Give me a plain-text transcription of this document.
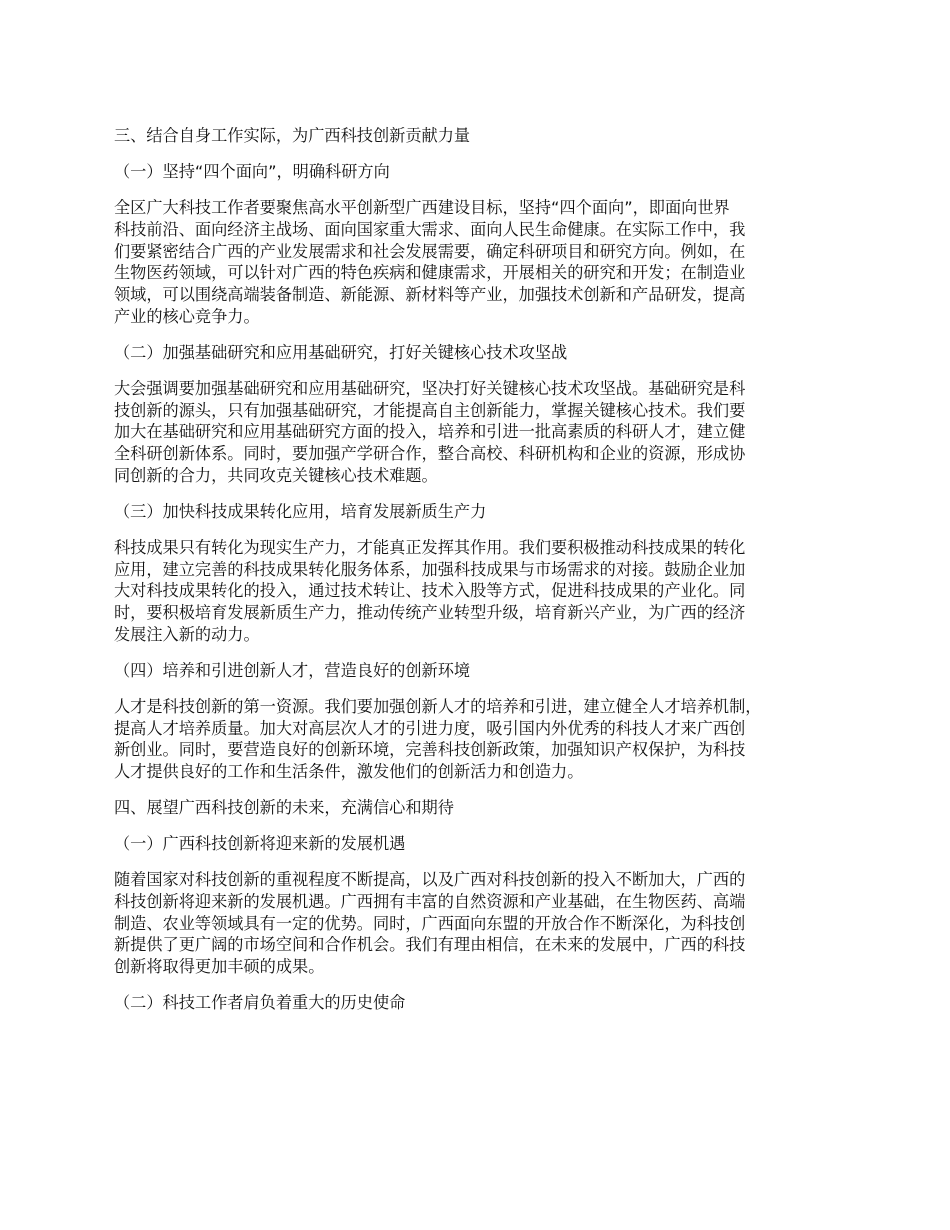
三、结合自身工作实际，为广西科技创新贡献力量
（一）坚持“四个面向”，明确科研方向
全区广大科技工作者要聚焦高水平创新型广西建设目标，坚持“四个面向”，即面向世界
科技前沿、面向经济主战场、面向国家重大需求、面向人民生命健康。在实际工作中，我
们要紧密结合广西的产业发展需求和社会发展需要，确定科研项目和研究方向。例如，在
生物医药领域，可以针对广西的特色疾病和健康需求，开展相关的研究和开发；在制造业
领域，可以围绕高端装备制造、新能源、新材料等产业，加强技术创新和产品研发，提高
产业的核心竞争力。
（二）加强基础研究和应用基础研究，打好关键核心技术攻坚战
大会强调要加强基础研究和应用基础研究，坚决打好关键核心技术攻坚战。基础研究是科
技创新的源头，只有加强基础研究，才能提高自主创新能力，掌握关键核心技术。我们要
加大在基础研究和应用基础研究方面的投入，培养和引进一批高素质的科研人才，建立健
全科研创新体系。同时，要加强产学研合作，整合高校、科研机构和企业的资源，形成协
同创新的合力，共同攻克关键核心技术难题。
（三）加快科技成果转化应用，培育发展新质生产力
科技成果只有转化为现实生产力，才能真正发挥其作用。我们要积极推动科技成果的转化
应用，建立完善的科技成果转化服务体系，加强科技成果与市场需求的对接。鼓励企业加
大对科技成果转化的投入，通过技术转让、技术入股等方式，促进科技成果的产业化。同
时，要积极培育发展新质生产力，推动传统产业转型升级，培育新兴产业，为广西的经济
发展注入新的动力。
（四）培养和引进创新人才，营造良好的创新环境
人才是科技创新的第一资源。我们要加强创新人才的培养和引进，建立健全人才培养机制，
提高人才培养质量。加大对高层次人才的引进力度，吸引国内外优秀的科技人才来广西创
新创业。同时，要营造良好的创新环境，完善科技创新政策，加强知识产权保护，为科技
人才提供良好的工作和生活条件，激发他们的创新活力和创造力。
四、展望广西科技创新的未来，充满信心和期待
（一）广西科技创新将迎来新的发展机遇
随着国家对科技创新的重视程度不断提高，以及广西对科技创新的投入不断加大，广西的
科技创新将迎来新的发展机遇。广西拥有丰富的自然资源和产业基础，在生物医药、高端
制造、农业等领域具有一定的优势。同时，广西面向东盟的开放合作不断深化，为科技创
新提供了更广阔的市场空间和合作机会。我们有理由相信，在未来的发展中，广西的科技
创新将取得更加丰硕的成果。
（二）科技工作者肩负着重大的历史使命
